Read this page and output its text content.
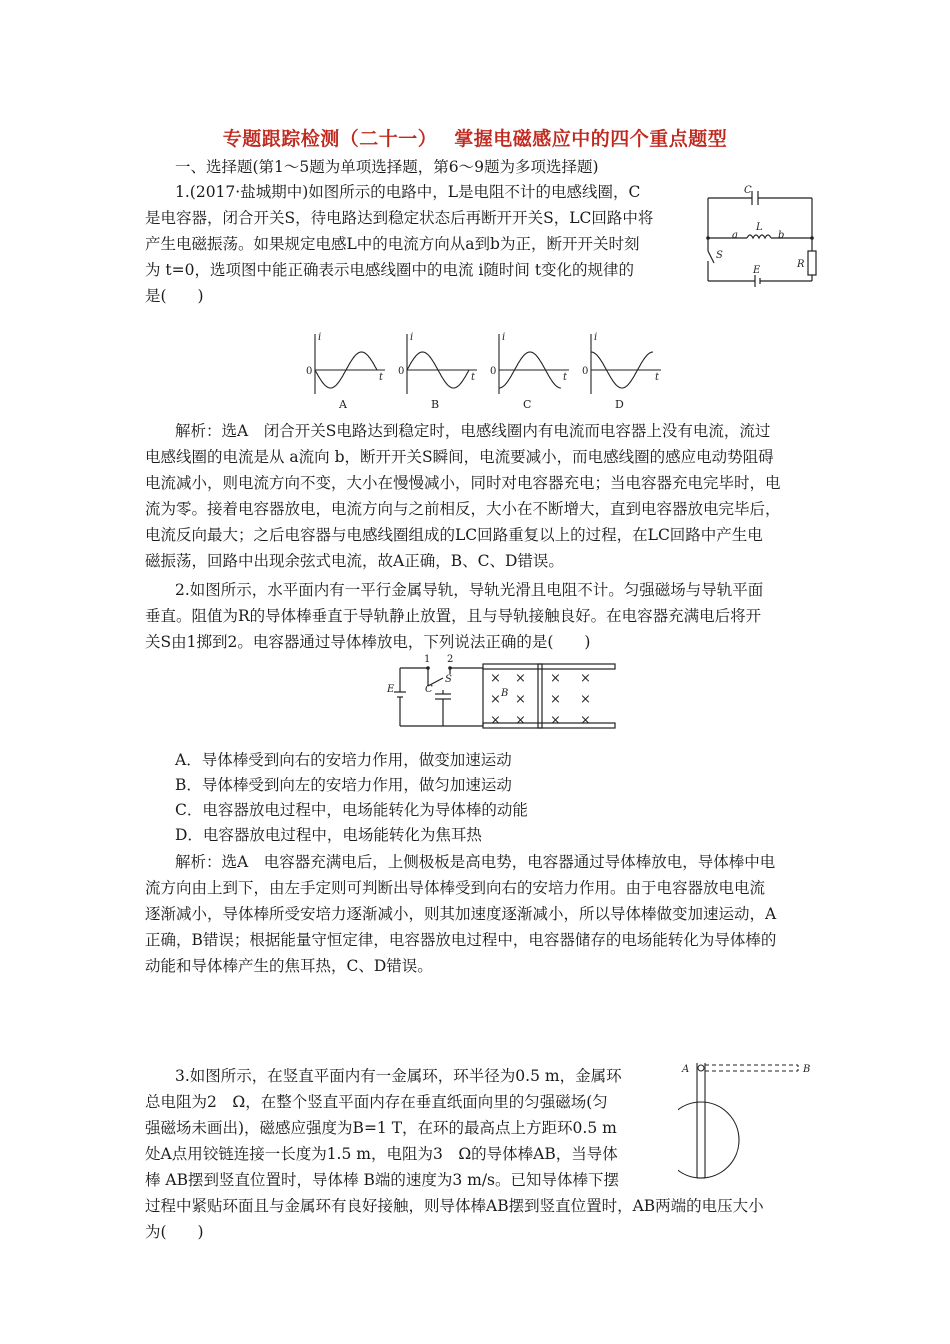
专题跟踪检测（二十一）　 掌握电磁感应中的四个重点题型
一、选择题(第1～5题为单项选择题，第6～9题为多项选择题)
1.(2017·盐城期中)如图所示的电路中，L是电阻不计的电感线圈，C
是电容器，闭合开关S，待电路达到稳定状态后再断开开关S，LC回路中将
产生电磁振荡。如果规定电感L中的电流方向从a到b为正，断开开关时刻
为 t=0，选项图中能正确表示电感线圈中的电流 i随时间 t变化的规律的
是(　　)
C
L
a	b
S
E
R
i
t
0
A
i
t
0
B
i
t
0
C
i
t
0
D
解析：选A　闭合开关S电路达到稳定时，电感线圈内有电流而电容器上没有电流，流过
电感线圈的电流是从 a流向 b，断开开关S瞬间，电流要减小，而电感线圈的感应电动势阻碍
电流减小，则电流方向不变，大小在慢慢减小，同时对电容器充电；当电容器充电完毕时，电
流为零。接着电容器放电，电流方向与之前相反，大小在不断增大，直到电容器放电完毕后，
电流反向最大；之后电容器与电感线圈组成的LC回路重复以上的过程，在LC回路中产生电
磁振荡，回路中出现余弦式电流，故A正确，B、C、D错误。
2.如图所示，水平面内有一平行金属导轨，导轨光滑且电阻不计。匀强磁场与导轨平面
垂直。阻值为R的导体棒垂直于导轨静止放置，且与导轨接触良好。在电容器充满电后将开
关S由1掷到2。电容器通过导体棒放电，下列说法正确的是(　　)
1 2
E	C
S
B
× × × ×
× × × ×
× × × ×
A．导体棒受到向右的安培力作用，做变加速运动
B．导体棒受到向左的安培力作用，做匀加速运动
C．电容器放电过程中，电场能转化为导体棒的动能
D．电容器放电过程中，电场能转化为焦耳热
解析：选A　电容器充满电后，上侧极板是高电势，电容器通过导体棒放电，导体棒中电
流方向由上到下，由左手定则可判断出导体棒受到向右的安培力作用。由于电容器放电电流
逐渐减小，导体棒所受安培力逐渐减小，则其加速度逐渐减小，所以导体棒做变加速运动，A
正确，B错误；根据能量守恒定律，电容器放电过程中，电容器储存的电场能转化为导体棒的
动能和导体棒产生的焦耳热，C、D错误。
3.如图所示，在竖直平面内有一金属环，环半径为0.5 m，金属环
总电阻为2　Ω，在整个竖直平面内存在垂直纸面向里的匀强磁场(匀
强磁场未画出)，磁感应强度为B=1 T，在环的最高点上方距环0.5 m
处A点用铰链连接一长度为1.5 m，电阻为3　Ω的导体棒AB，当导体
棒 AB摆到竖直位置时，导体棒 B端的速度为3 m/s。已知导体棒下摆
过程中紧贴环面且与金属环有良好接触，则导体棒AB摆到竖直位置时，AB两端的电压大小
为(　　)
A	B
